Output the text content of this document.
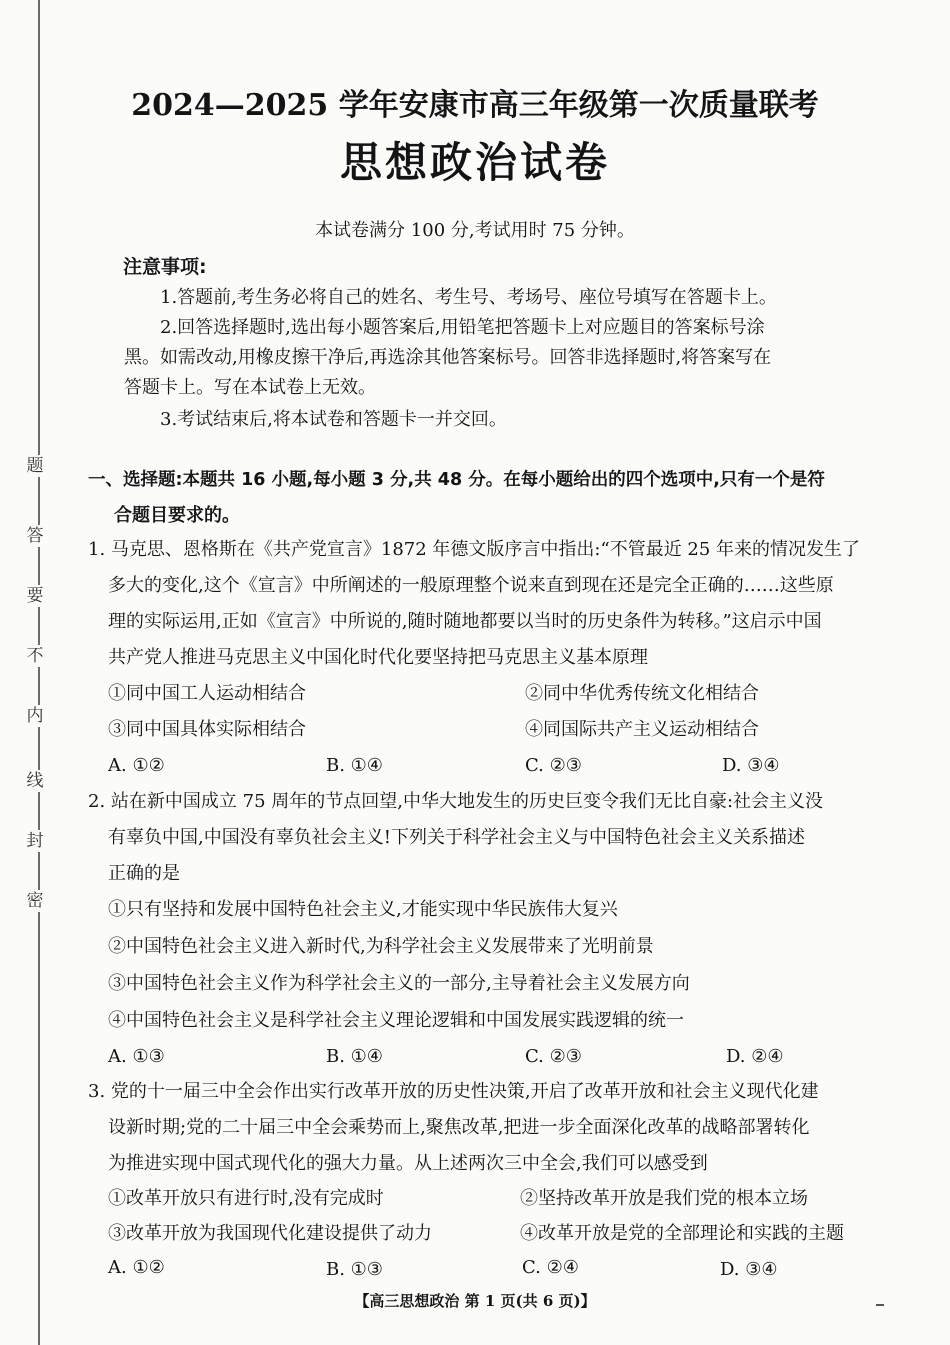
题
答
要
不
内
线
封
密
2024—2025 学年安康市高三年级第一次质量联考
思想政治试卷
本试卷满分 100 分,考试用时 75 分钟。
注意事项:
1.答题前,考生务必将自己的姓名、考生号、考场号、座位号填写在答题卡上。
2.回答选择题时,选出每小题答案后,用铅笔把答题卡上对应题目的答案标号涂
黑。如需改动,用橡皮擦干净后,再选涂其他答案标号。回答非选择题时,将答案写在
答题卡上。写在本试卷上无效。
3.考试结束后,将本试卷和答题卡一并交回。
一、选择题:本题共 16 小题,每小题 3 分,共 48 分。在每小题给出的四个选项中,只有一个是符
合题目要求的。
1. 马克思、恩格斯在《共产党宣言》1872 年德文版序言中指出:“不管最近 25 年来的情况发生了
多大的变化,这个《宣言》中所阐述的一般原理整个说来直到现在还是完全正确的……这些原
理的实际运用,正如《宣言》中所说的,随时随地都要以当时的历史条件为转移。”这启示中国
共产党人推进马克思主义中国化时代化要坚持把马克思主义基本原理
①同中国工人运动相结合	②同中华优秀传统文化相结合
③同中国具体实际相结合	④同国际共产主义运动相结合
A. ①②	B. ①④	C. ②③	D. ③④
2. 站在新中国成立 75 周年的节点回望,中华大地发生的历史巨变令我们无比自豪:社会主义没
有辜负中国,中国没有辜负社会主义!下列关于科学社会主义与中国特色社会主义关系描述
正确的是
①只有坚持和发展中国特色社会主义,才能实现中华民族伟大复兴
②中国特色社会主义进入新时代,为科学社会主义发展带来了光明前景
③中国特色社会主义作为科学社会主义的一部分,主导着社会主义发展方向
④中国特色社会主义是科学社会主义理论逻辑和中国发展实践逻辑的统一
A. ①③	B. ①④	C. ②③	D. ②④
3. 党的十一届三中全会作出实行改革开放的历史性决策,开启了改革开放和社会主义现代化建
设新时期;党的二十届三中全会乘势而上,聚焦改革,把进一步全面深化改革的战略部署转化
为推进实现中国式现代化的强大力量。从上述两次三中全会,我们可以感受到
①改革开放只有进行时,没有完成时	②坚持改革开放是我们党的根本立场
③改革开放为我国现代化建设提供了动力	④改革开放是党的全部理论和实践的主题
A. ①②	B. ①③	C. ②④	D. ③④
【高三思想政治 第 1 页(共 6 页)】
